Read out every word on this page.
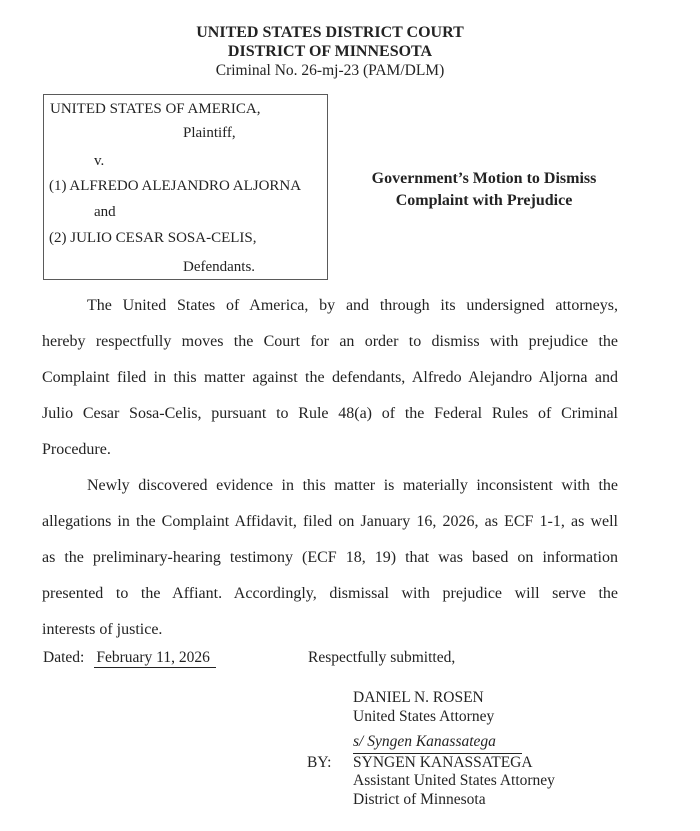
UNITED STATES DISTRICT COURT
DISTRICT OF MINNESOTA
Criminal No. 26-mj-23 (PAM/DLM)
UNITED STATES OF AMERICA,
Plaintiff,
v.
(1) ALFREDO ALEJANDRO ALJORNA
and
(2) JULIO CESAR SOSA-CELIS,
Defendants.
Government’s Motion to Dismiss
Complaint with Prejudice
The United States of America, by and through its undersigned attorneys,
hereby respectfully moves the Court for an order to dismiss with prejudice the
Complaint filed in this matter against the defendants, Alfredo Alejandro Aljorna and
Julio Cesar Sosa-Celis, pursuant to Rule 48(a) of the Federal Rules of Criminal
Procedure.
Newly discovered evidence in this matter is materially inconsistent with the
allegations in the Complaint Affidavit, filed on January 16, 2026, as ECF 1-1, as well
as the preliminary-hearing testimony (ECF 18, 19) that was based on information
presented to the Affiant. Accordingly, dismissal with prejudice will serve the
interests of justice.
Dated: February 11, 2026	Respectfully submitted,
DANIEL N. ROSEN
United States Attorney
s/ Syngen Kanassatega
BY:	SYNGEN KANASSATEGA
Assistant United States Attorney
District of Minnesota
